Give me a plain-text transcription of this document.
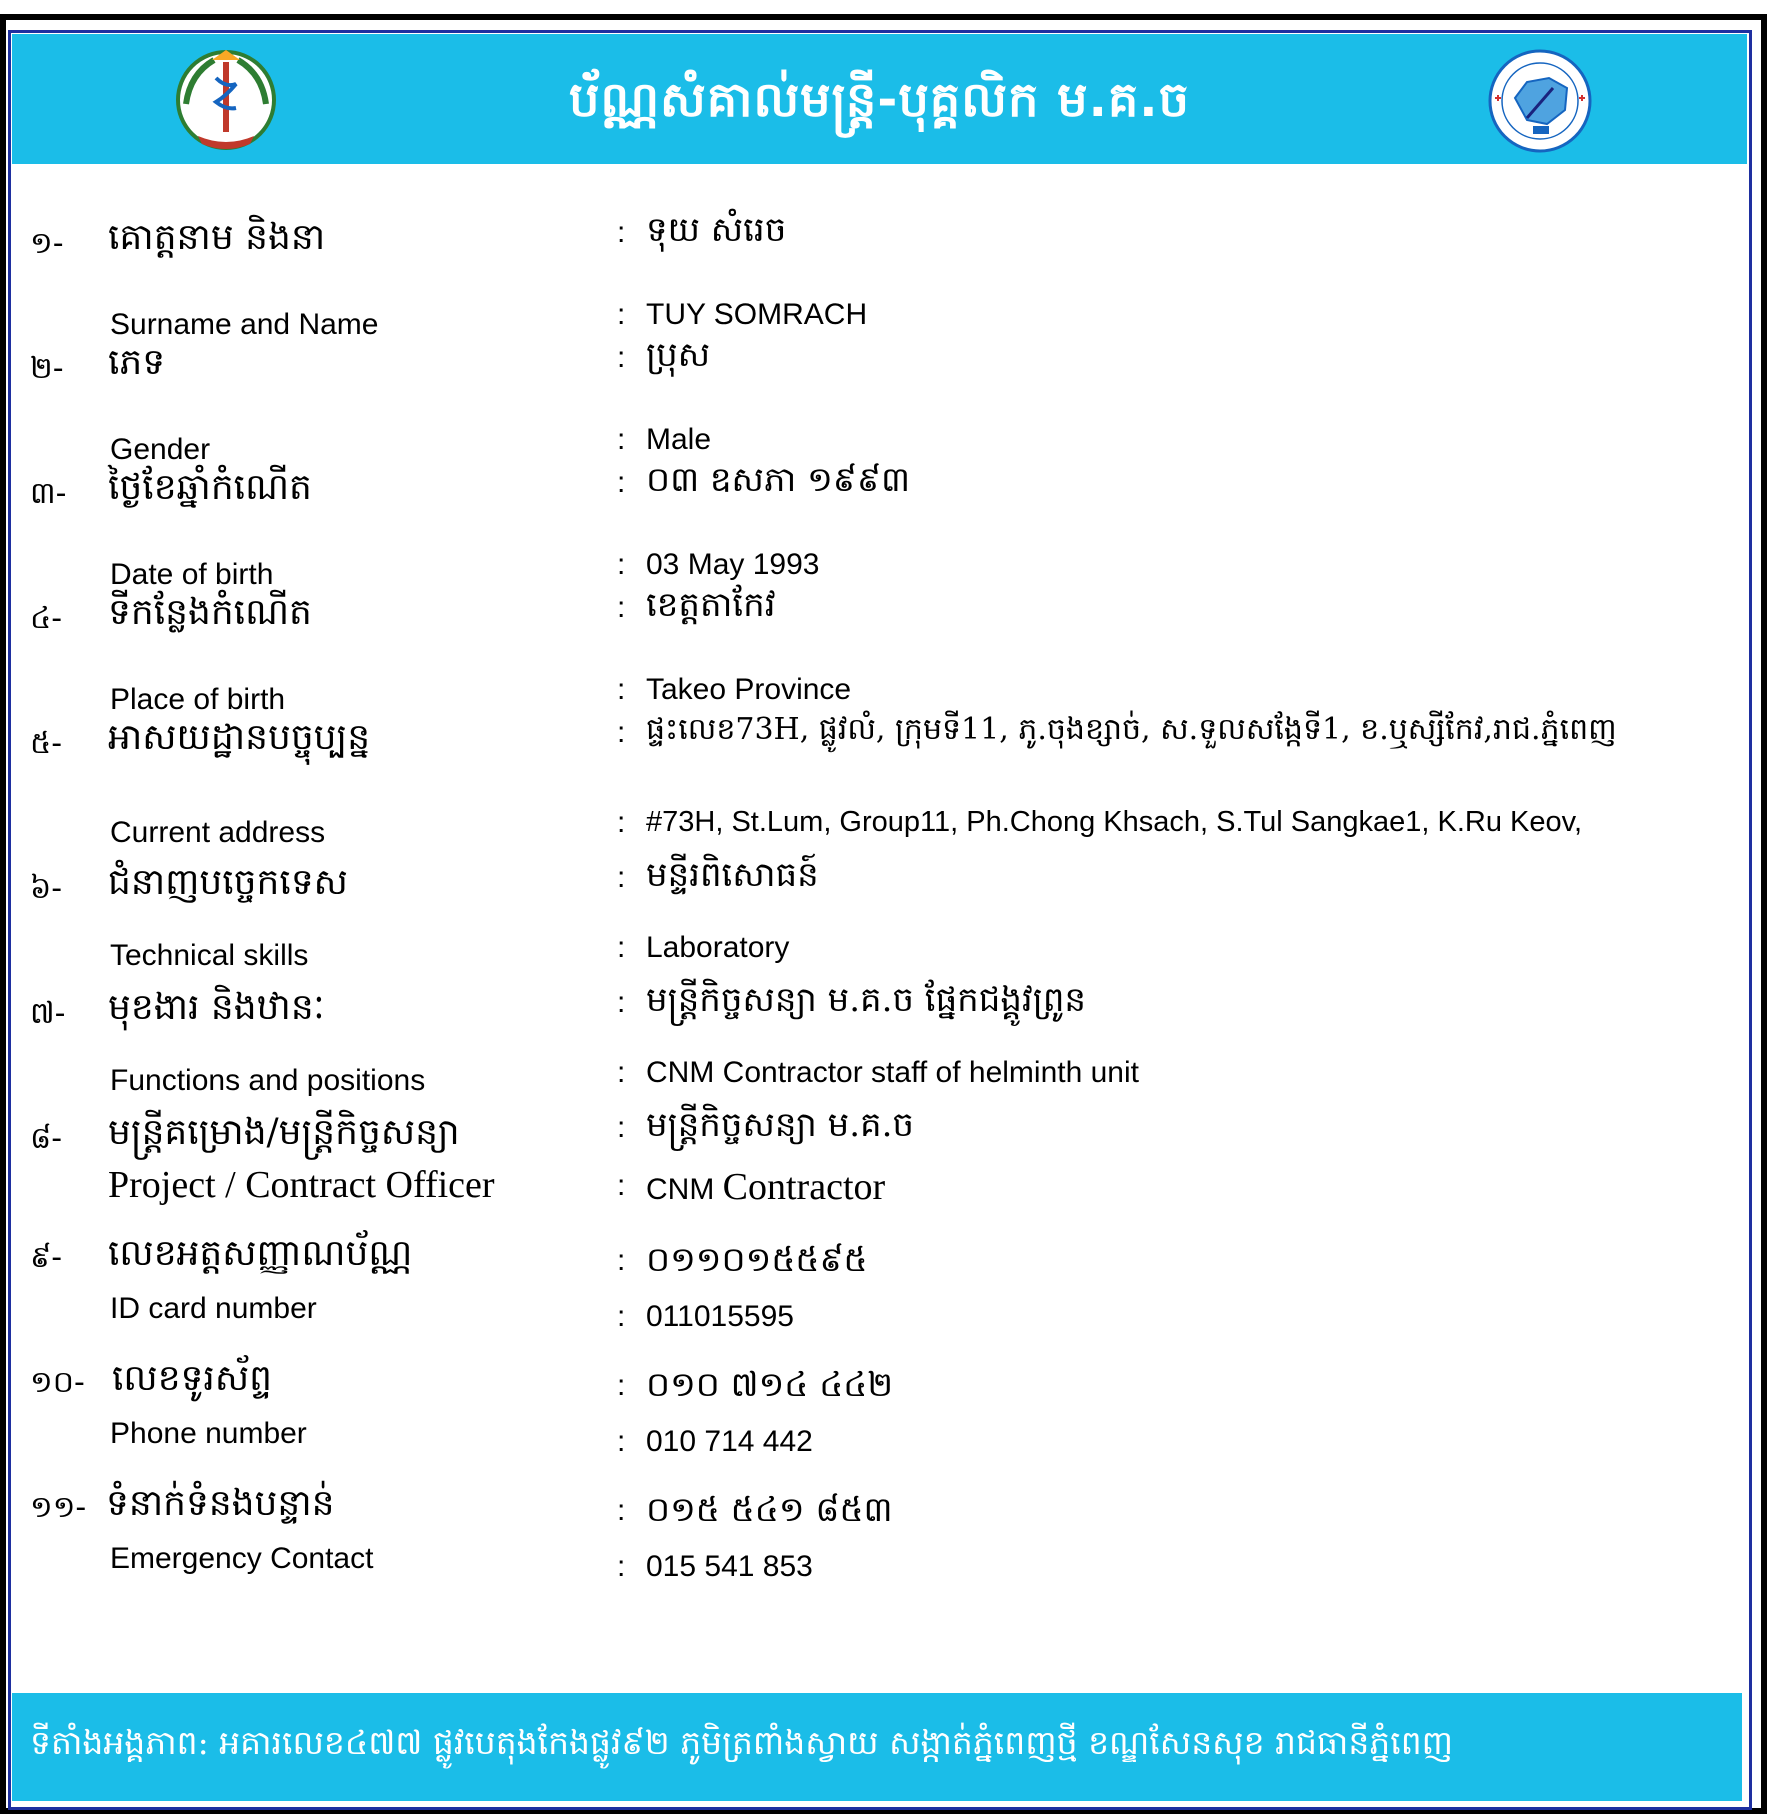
ប័ណ្ណសំគាល់មន្ត្រី-បុគ្គលិក ម.គ.ច
១- គោត្តនាម និងនា	: ទុយ សំរេច
Surname and Name	: TUY SOMRACH
២- ភេទ	: ប្រុស
Gender	: Male
៣- ថ្ងៃខែឆ្នាំកំណើត	: ០៣ ឧសភា ១៩៩៣
Date of birth	: 03 May 1993
៤- ទីកន្លែងកំណើត	: ខេត្តតាកែវ
Place of birth	: Takeo Province
៥- អាសយដ្ឋានបច្ចុប្បន្ន	: ផ្ទះលេខ73H, ផ្លូវលំ, ក្រុមទី11, ភូ.ចុងខ្សាច់, ស.ទួលសង្កែទី1, ខ.ឬស្សីកែវ,រាជ.ភ្នំពេញ
Current address	: #73H, St.Lum, Group11, Ph.Chong Khsach, S.Tul Sangkae1, K.Ru Keov,
៦- ជំនាញបច្ចេកទេស	: មន្ទីរពិសោធន៍
Technical skills	: Laboratory
៧- មុខងារ និងឋានៈ	: មន្ត្រីកិច្ចសន្យា ម.គ.ច ផ្នែកជង្គូវព្រូន
Functions and positions	: CNM Contractor staff of helminth unit
៨- មន្ត្រីគម្រោង/មន្ត្រីកិច្ចសន្យា	: មន្ត្រីកិច្ចសន្យា ម.គ.ច
Project / Contract Officer	: CNM Contractor
៩- លេខអត្តសញ្ញាណប័ណ្ណ	: ០១១០១៥៥៩៥
ID card number	: 011015595
១០- លេខទូរស័ព្ទ	: ០១០ ៧១៤ ៤៤២
Phone number	: 010 714 442
១១- ទំនាក់ទំនងបន្ទាន់	: ០១៥ ៥៤១ ៨៥៣
Emergency Contact	: 015 541 853
ទីតាំងអង្គភាព: អគារលេខ៤៧៧ ផ្លូវបេតុងកែងផ្លូវ៩២ ភូមិត្រពាំងស្វាយ សង្កាត់ភ្នំពេញថ្មី ខណ្ឌសែនសុខ រាជធានីភ្នំពេញ
